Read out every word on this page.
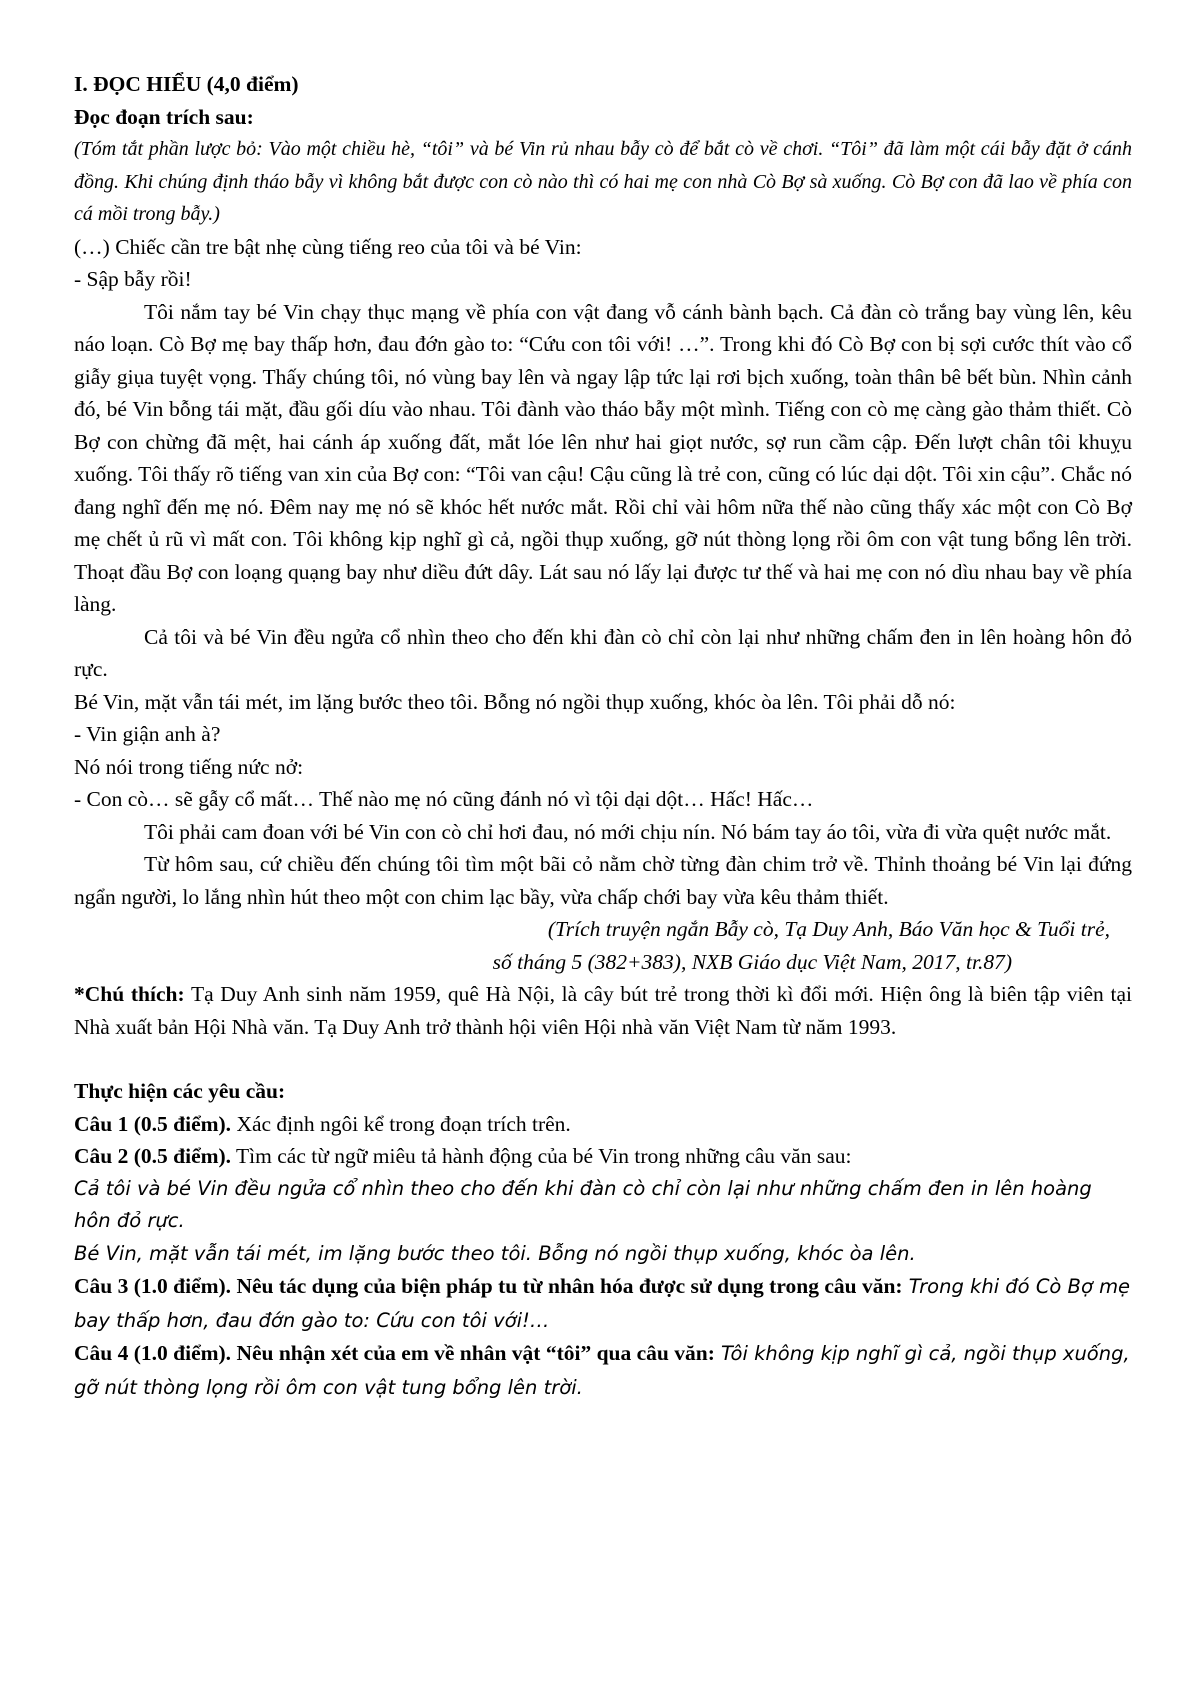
I. ĐỌC HIỂU (4,0 điểm)

Đọc đoạn trích sau:

(Tóm tắt phần lược bỏ: Vào một chiều hè, “tôi” và bé Vin rủ nhau bẫy cò để bắt cò về chơi. “Tôi” đã làm một cái bẫy đặt ở cánh đồng. Khi chúng định tháo bẫy vì không bắt được con cò nào thì có hai mẹ con nhà Cò Bợ sà xuống. Cò Bợ con đã lao về phía con cá mồi trong bẫy.)

(…) Chiếc cần tre bật nhẹ cùng tiếng reo của tôi và bé Vin:

- Sập bẫy rồi!

Tôi nắm tay bé Vin chạy thục mạng về phía con vật đang vỗ cánh bành bạch. Cả đàn cò trắng bay vùng lên, kêu náo loạn. Cò Bợ mẹ bay thấp hơn, đau đớn gào to: “Cứu con tôi với! …”. Trong khi đó Cò Bợ con bị sợi cước thít vào cổ giẫy giụa tuyệt vọng. Thấy chúng tôi, nó vùng bay lên và ngay lập tức lại rơi bịch xuống, toàn thân bê bết bùn. Nhìn cảnh đó, bé Vin bỗng tái mặt, đầu gối díu vào nhau. Tôi đành vào tháo bẫy một mình. Tiếng con cò mẹ càng gào thảm thiết. Cò Bợ con chừng đã mệt, hai cánh áp xuống đất, mắt lóe lên như hai giọt nước, sợ run cầm cập. Đến lượt chân tôi khuỵu xuống. Tôi thấy rõ tiếng van xin của Bợ con: “Tôi van cậu! Cậu cũng là trẻ con, cũng có lúc dại dột. Tôi xin cậu”. Chắc nó đang nghĩ đến mẹ nó. Đêm nay mẹ nó sẽ khóc hết nước mắt. Rồi chỉ vài hôm nữa thế nào cũng thấy xác một con Cò Bợ mẹ chết ủ rũ vì mất con. Tôi không kịp nghĩ gì cả, ngồi thụp xuống, gỡ nút thòng lọng rồi ôm con vật tung bổng lên trời. Thoạt đầu Bợ con loạng quạng bay như diều đứt dây. Lát sau nó lấy lại được tư thế và hai mẹ con nó dìu nhau bay về phía làng.

Cả tôi và bé Vin đều ngửa cổ nhìn theo cho đến khi đàn cò chỉ còn lại như những chấm đen in lên hoàng hôn đỏ rực.

Bé Vin, mặt vẫn tái mét, im lặng bước theo tôi. Bỗng nó ngồi thụp xuống, khóc òa lên. Tôi phải dỗ nó:

- Vin giận anh à?

Nó nói trong tiếng nức nở:

- Con cò… sẽ gẫy cổ mất… Thế nào mẹ nó cũng đánh nó vì tội dại dột… Hấc! Hấc…

Tôi phải cam đoan với bé Vin con cò chỉ hơi đau, nó mới chịu nín. Nó bám tay áo tôi, vừa đi vừa quệt nước mắt.

Từ hôm sau, cứ chiều đến chúng tôi tìm một bãi cỏ nằm chờ từng đàn chim trở về. Thỉnh thoảng bé Vin lại đứng ngẩn người, lo lắng nhìn hút theo một con chim lạc bầy, vừa chấp chới bay vừa kêu thảm thiết.

(Trích truyện ngắn Bẫy cò, Tạ Duy Anh, Báo Văn học & Tuổi trẻ,

số tháng 5 (382+383), NXB Giáo dục Việt Nam, 2017, tr.87)

*Chú thích: Tạ Duy Anh sinh năm 1959, quê Hà Nội, là cây bút trẻ trong thời kì đổi mới. Hiện ông là biên tập viên tại Nhà xuất bản Hội Nhà văn. Tạ Duy Anh trở thành hội viên Hội nhà văn Việt Nam từ năm 1993.

Thực hiện các yêu cầu:

Câu 1 (0.5 điểm). Xác định ngôi kể trong đoạn trích trên.

Câu 2 (0.5 điểm). Tìm các từ ngữ miêu tả hành động của bé Vin trong những câu văn sau:

Cả tôi và bé Vin đều ngửa cổ nhìn theo cho đến khi đàn cò chỉ còn lại như những chấm đen in lên hoàng hôn đỏ rực.

Bé Vin, mặt vẫn tái mét, im lặng bước theo tôi. Bỗng nó ngồi thụp xuống, khóc òa lên.

Câu 3 (1.0 điểm). Nêu tác dụng của biện pháp tu từ nhân hóa được sử dụng trong câu văn: Trong khi đó Cò Bợ mẹ bay thấp hơn, đau đớn gào to: Cứu con tôi với!…

Câu 4 (1.0 điểm). Nêu nhận xét của em về nhân vật “tôi” qua câu văn: Tôi không kịp nghĩ gì cả, ngồi thụp xuống, gỡ nút thòng lọng rồi ôm con vật tung bổng lên trời.
